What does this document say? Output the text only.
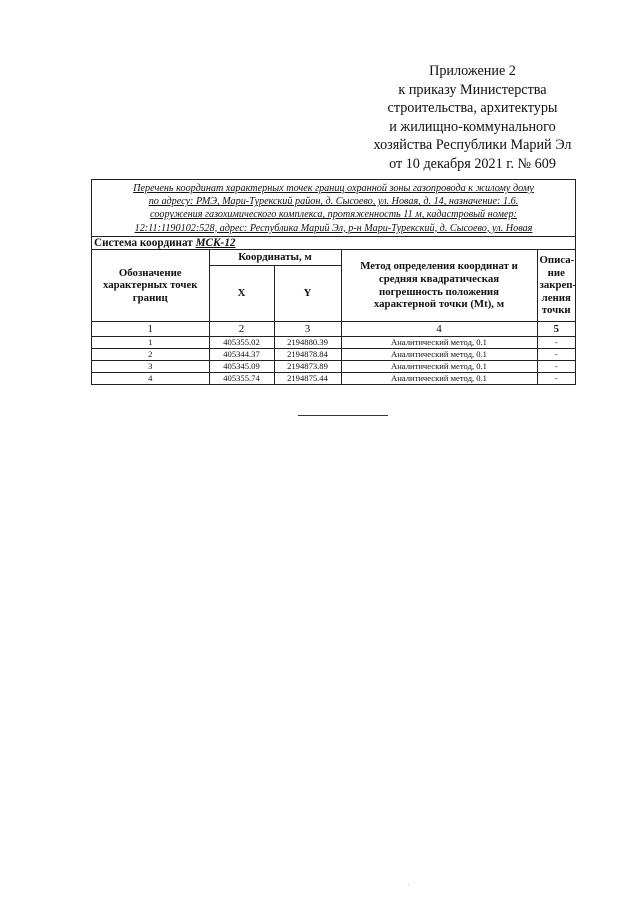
Приложение 2
к приказу Министерства
строительства, архитектуры
и жилищно-коммунального
хозяйства Республики Марий Эл
от 10 декабря 2021 г. № 609
Перечень координат характерных точек границ охранной зоны газопровода к жилому дому
по адресу: РМЭ, Мари-Турекский район, д. Сысоево, ул. Новая, д. 14, назначение: 1.6.
сооружения газохимического комплекса, протяженность 11 м, кадастровый номер:
12:11:1190102:528, адрес: Республика Марий Эл, р-н Мари-Турекский, д. Сысоево, ул. Новая
Система координат МСК-12				
Обозначение характерных точек границ	Координаты, м		Метод определения координат и средняя квадратическая погрешность положения характерной точки (Mt), м	Описа-ние закреп-ления точки
	X	Y		
1	2	3	4	5
1	405355.02	2194880.39	Аналитический метод, 0.1	-
2	405344.37	2194878.84	Аналитический метод, 0.1	-
3	405345.09	2194873.89	Аналитический метод, 0.1	-
4	405355.74	2194875.44	Аналитический метод, 0.1	-
